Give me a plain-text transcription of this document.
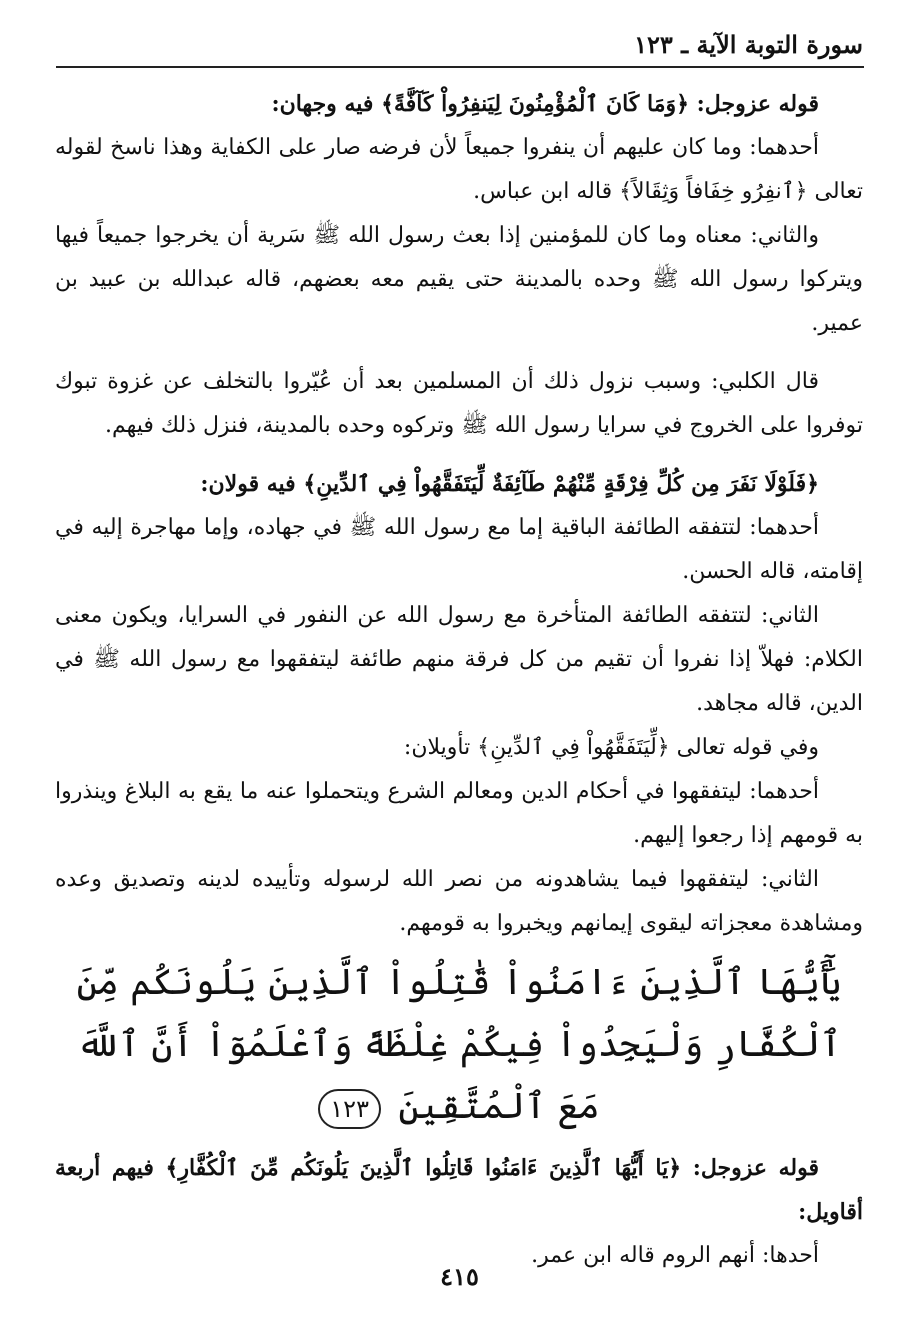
سورة التوبة الآية ـ ١٢٣

قوله عزوجل: ﴿وَمَا كَانَ ٱلْمُؤْمِنُونَ لِيَنفِرُواْ كَآفَّةً﴾ فيه وجهان:

أحدهما: وما كان عليهم أن ينفروا جميعاً لأن فرضه صار على الكفاية وهذا ناسخ لقوله تعالى ﴿ٱنفِرُو خِفَافاً وَثِقَالاً﴾ قاله ابن عباس.

والثاني: معناه وما كان للمؤمنين إذا بعث رسول الله ﷺ سَرية أن يخرجوا جميعاً فيها ويتركوا رسول الله ﷺ وحده بالمدينة حتى يقيم معه بعضهم، قاله عبدالله بن عبيد بن عمير.

قال الكلبي: وسبب نزول ذلك أن المسلمين بعد أن عُيّروا بالتخلف عن غزوة تبوك توفروا على الخروج في سرايا رسول الله ﷺ وتركوه وحده بالمدينة، فنزل ذلك فيهم.

﴿فَلَوْلَا نَفَرَ مِن كُلِّ فِرْقَةٍ مِّنْهُمْ طَآئِفَةٌ لِّيَتَفَقَّهُواْ فِي ٱلدِّينِ﴾ فيه قولان:

أحدهما: لتتفقه الطائفة الباقية إما مع رسول الله ﷺ في جهاده، وإما مهاجرة إليه في إقامته، قاله الحسن.

الثاني: لتتفقه الطائفة المتأخرة مع رسول الله عن النفور في السرايا، ويكون معنى الكلام: فهلاّ إذا نفروا أن تقيم من كل فرقة منهم طائفة ليتفقهوا مع رسول الله ﷺ في الدين، قاله مجاهد.

وفي قوله تعالى ﴿لِّيَتَفَقَّهُواْ فِي ٱلدِّينِ﴾ تأويلان:

أحدهما: ليتفقهوا في أحكام الدين ومعالم الشرع ويتحملوا عنه ما يقع به البلاغ وينذروا به قومهم إذا رجعوا إليهم.

الثاني: ليتفقهوا فيما يشاهدونه من نصر الله لرسوله وتأييده لدينه وتصديق وعده ومشاهدة معجزاته ليقوى إيمانهم ويخبروا به قومهم.

يَٰٓأَيُّهَا ٱلَّذِينَ ءَامَنُواْ قَٰتِلُواْ ٱلَّذِينَ يَلُونَكُم مِّنَ ٱلْكُفَّارِ وَلْيَجِدُواْ فِيكُمْ غِلْظَةً وَٱعْلَمُوٓاْ أَنَّ ٱللَّهَ مَعَ ٱلْمُتَّقِينَ ١٢٣

قوله عزوجل: ﴿يَا أَيُّهَا ٱلَّذِينَ ءَامَنُوا قَاتِلُوا ٱلَّذِينَ يَلُونَكُم مِّنَ ٱلْكُفَّارِ﴾ فيهم أربعة أقاويل:

أحدها: أنهم الروم قاله ابن عمر.

٤١٥
